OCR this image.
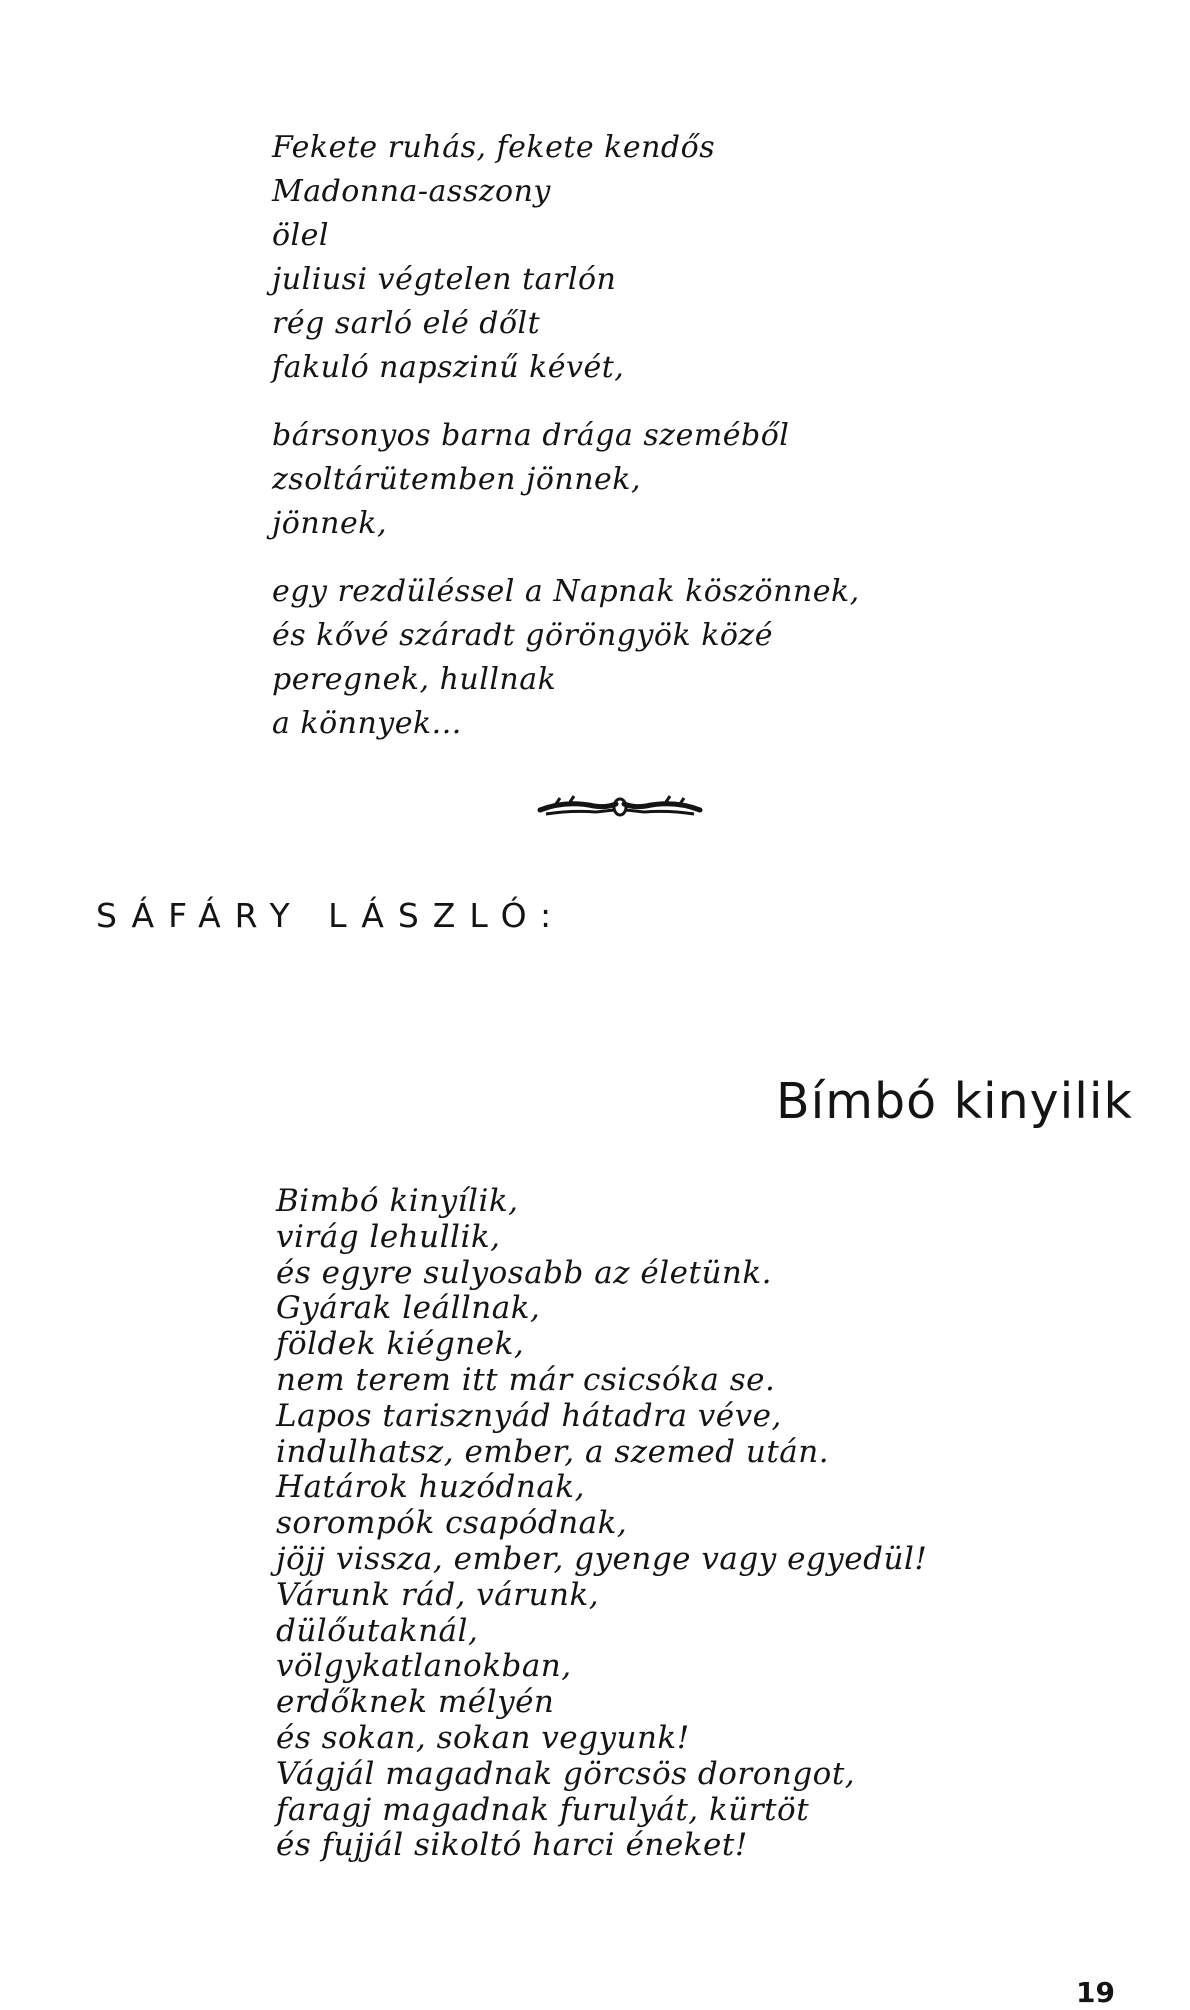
Fekete ruhás, fekete kendős
Madonna-asszony
ölel
juliusi végtelen tarlón
rég sarló elé dőlt
fakuló napszinű kévét,
bársonyos barna drága szeméből
zsoltárütemben jönnek,
jönnek,
egy rezdüléssel a Napnak köszönnek,
és kővé száradt göröngyök közé
peregnek, hullnak
a könnyek...
SÁFÁRY LÁSZLÓ:
Bímbó kinyilik
Bimbó kinyílik,
virág lehullik,
és egyre sulyosabb az életünk.
Gyárak leállnak,
földek kiégnek,
nem terem itt már csicsóka se.
Lapos tarisznyád hátadra véve,
indulhatsz, ember, a szemed után.
Határok huzódnak,
sorompók csapódnak,
jöjj vissza, ember, gyenge vagy egyedül!
Várunk rád, várunk,
dülőutaknál,
völgykatlanokban,
erdőknek mélyén
és sokan, sokan vegyunk!
Vágjál magadnak görcsös dorongot,
faragj magadnak furulyát, kürtöt
és fujjál sikoltó harci éneket!
19
